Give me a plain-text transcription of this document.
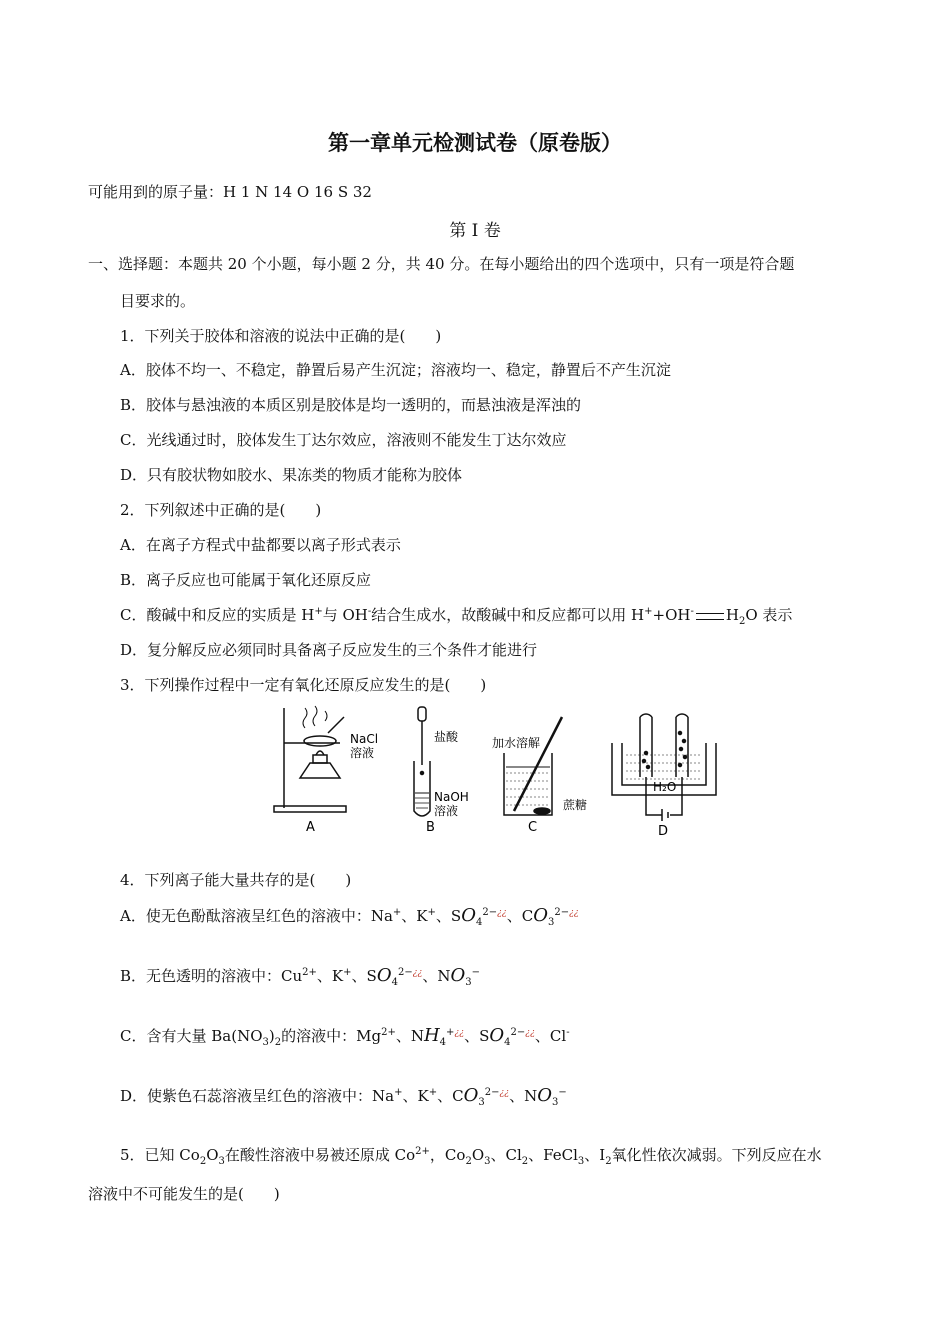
第一章单元检测试卷（原卷版）
可能用到的原子量：H 1 N 14 O 16 S 32
第 I 卷
一、选择题：本题共 20 个小题，每小题 2 分，共 40 分。在每小题给出的四个选项中，只有一项是符合题
目要求的。
1．下列关于胶体和溶液的说法中正确的是(　　)
A．胶体不均一、不稳定，静置后易产生沉淀；溶液均一、稳定，静置后不产生沉淀
B．胶体与悬浊液的本质区别是胶体是均一透明的，而悬浊液是浑浊的
C．光线通过时，胶体发生丁达尔效应，溶液则不能发生丁达尔效应
D．只有胶状物如胶水、果冻类的物质才能称为胶体
2．下列叙述中正确的是(　　)
A．在离子方程式中盐都要以离子形式表示
B．离子反应也可能属于氧化还原反应
C．酸碱中和反应的实质是 H+与 OH-结合生成水，故酸碱中和反应都可以用 H++OH- $H_2O$ 表示
D．复分解反应必须同时具备离子反应发生的三个条件才能进行
3．下列操作过程中一定有氧化还原反应发生的是(　　)
NaCl
溶液
A
盐酸
NaOH
溶液
B
加水溶解
蔗糖
C
H₂O
D
4．下列离子能大量共存的是(　　)
A．使无色酚酞溶液呈红色的溶液中：Na+、K+、$SO_4^{2-¿¿}$、$CO_3^{2-¿¿}$
B．无色透明的溶液中：$Cu^{2+}$、K+、$SO_4^{2-¿¿}$、$NO_3^-$
C．含有大量 $Ba(NO_3)_2$的溶液中：$Mg^{2+}$、$NH_4^{+¿¿}$、$SO_4^{2-¿¿}$、Cl-
D．使紫色石蕊溶液呈红色的溶液中：Na+、K+、$CO_3^{2-¿¿}$、$NO_3^-$
5．已知 $Co_2O_3$在酸性溶液中易被还原成 $Co^{2+}$，$Co_2O_3$、$Cl_2$、FeCl$_3$、$I_2$氧化性依次减弱。下列反应在水
溶液中不可能发生的是(　　)
